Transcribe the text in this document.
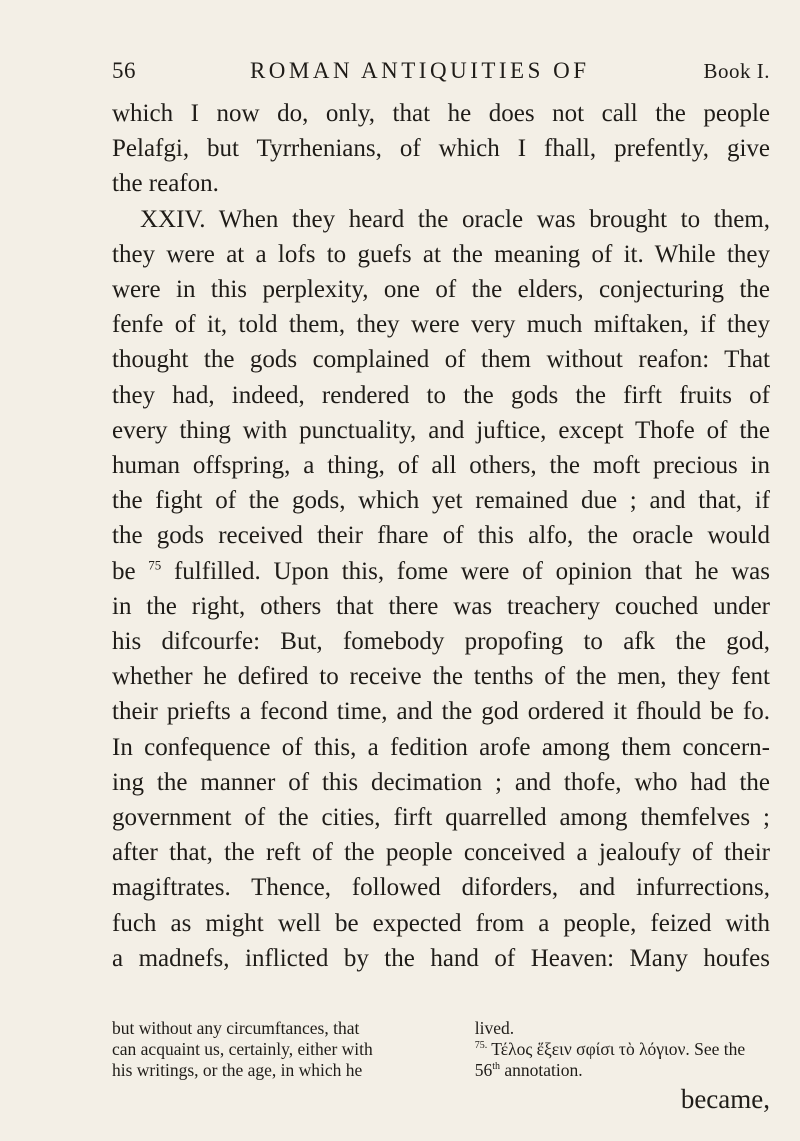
56	ROMAN ANTIQUITIES OF	Book I.
which I now do, only, that he does not call the people
Pelafgi, but Tyrrhenians, of which I fhall, prefently, give
the reafon.
XXIV. When they heard the oracle was brought to them,
they were at a lofs to guefs at the meaning of it. While they
were in this perplexity, one of the elders, conjecturing the
fenfe of it, told them, they were very much miftaken, if they
thought the gods complained of them without reafon: That
they had, indeed, rendered to the gods the firft fruits of
every thing with punctuality, and juftice, except Thofe of the
human offspring, a thing, of all others, the moft precious in
the fight of the gods, which yet remained due ; and that, if
the gods received their fhare of this alfo, the oracle would
be $^{75}$ fulfilled. Upon this, fome were of opinion that he was
in the right, others that there was treachery couched under
his difcourfe: But, fomebody propofing to afk the god,
whether he defired to receive the tenths of the men, they fent
their priefts a fecond time, and the god ordered it fhould be fo.
In confequence of this, a fedition arofe among them concern-
ing the manner of this decimation ; and thofe, who had the
government of the cities, firft quarrelled among themfelves ;
after that, the reft of the people conceived a jealoufy of their
magiftrates. Thence, followed diforders, and infurrections,
fuch as might well be expected from a people, feized with
a madnefs, inflicted by the hand of Heaven: Many houfes
but without any circumftances, that
can acquaint us, certainly, either with
his writings, or the age, in which he
lived.
$^{75.}$ Τέλος ἕξειν σφίσι τὸ λόγιον. See the
56th annotation.
became,
